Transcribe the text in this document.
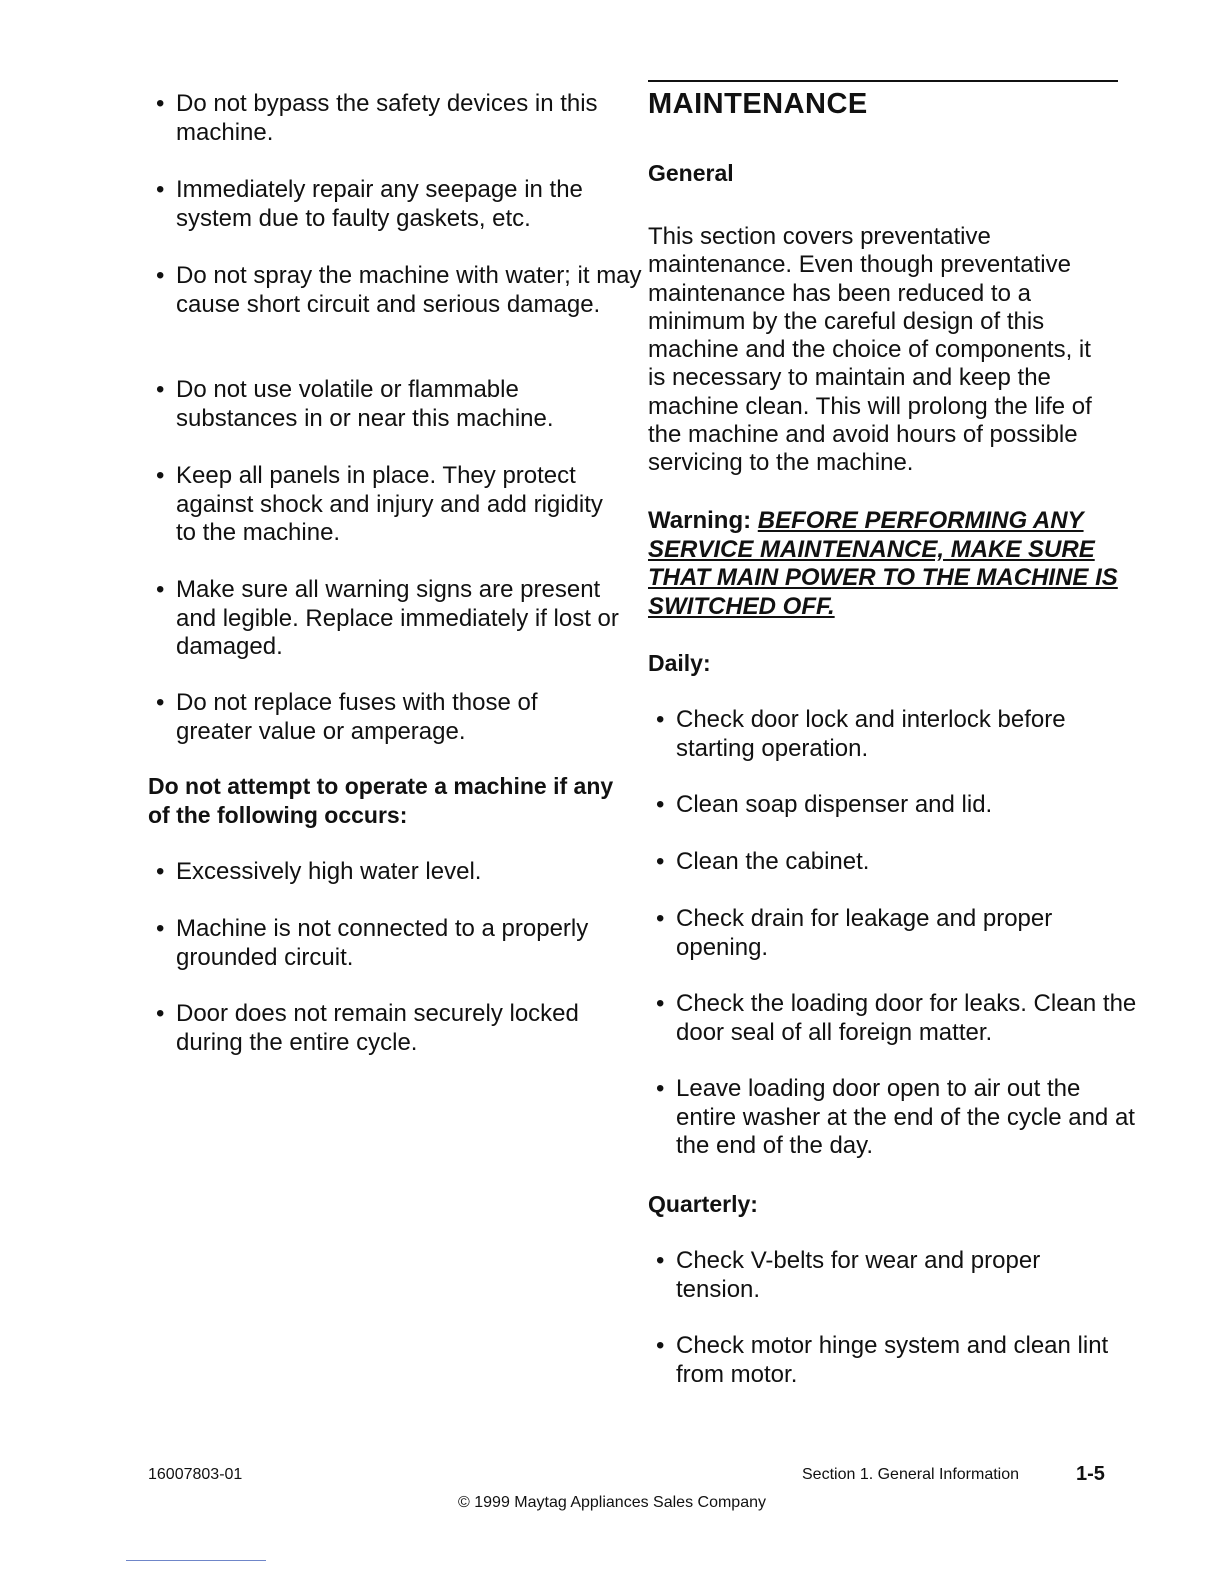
• Do not bypass the safety devices in this machine.

• Immediately repair any seepage in the system due to faulty gaskets, etc.

• Do not spray the machine with water; it may cause short circuit and serious damage.

• Do not use volatile or flammable substances in or near this machine.

• Keep all panels in place. They protect against shock and injury and add rigidity to the machine.

• Make sure all warning signs are present and legible. Replace immediately if lost or damaged.

• Do not replace fuses with those of greater value or amperage.

Do not attempt to operate a machine if any of the following occurs:

• Excessively high water level.

• Machine is not connected to a properly grounded circuit.

• Door does not remain securely locked during the entire cycle.

MAINTENANCE
General

This section covers preventative maintenance. Even though preventative maintenance has been reduced to a minimum by the careful design of this machine and the choice of components, it is necessary to maintain and keep the machine clean. This will prolong the life of the machine and avoid hours of possible servicing to the machine.

Warning: BEFORE PERFORMING ANY SERVICE MAINTENANCE, MAKE SURE THAT MAIN POWER TO THE MACHINE IS SWITCHED OFF.

Daily:

• Check door lock and interlock before starting operation.

• Clean soap dispenser and lid.

• Clean the cabinet.

• Check drain for leakage and proper opening.

• Check the loading door for leaks. Clean the door seal of all foreign matter.

• Leave loading door open to air out the entire washer at the end of the cycle and at the end of the day.

Quarterly:

• Check V-belts for wear and proper tension.

• Check motor hinge system and clean lint from motor.

16007803-01	Section 1. General Information	1-5
© 1999 Maytag Appliances Sales Company
